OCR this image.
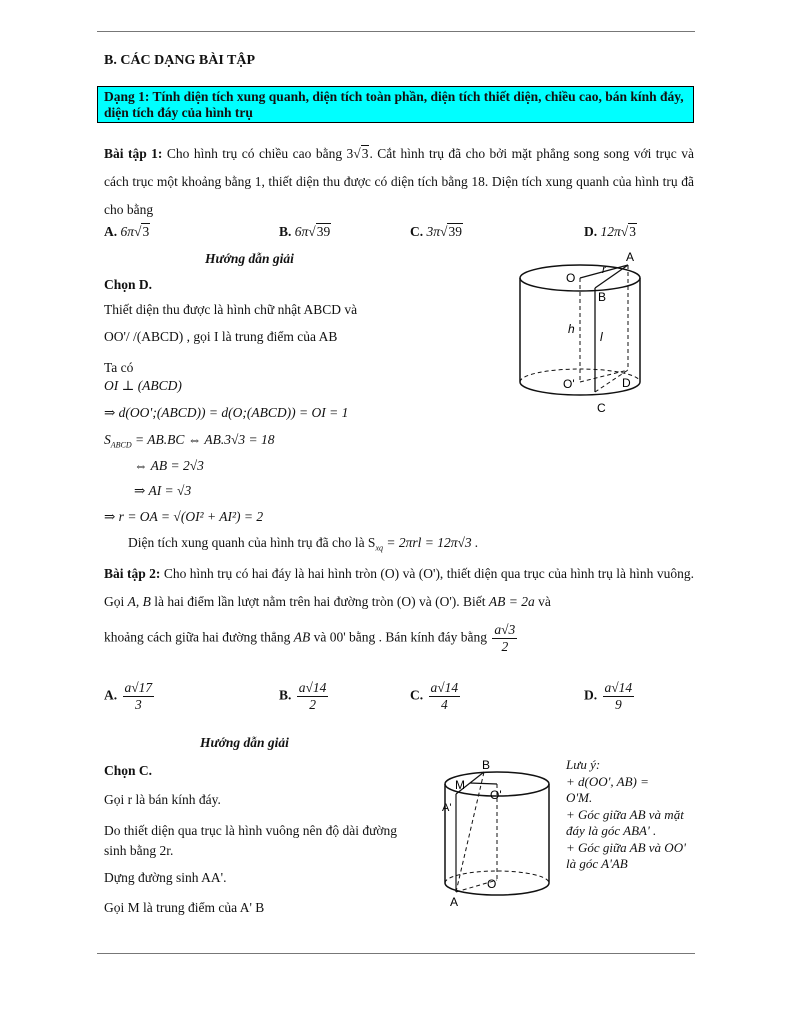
B. CÁC DẠNG BÀI TẬP
Dạng 1: Tính diện tích xung quanh, diện tích toàn phần, diện tích thiết diện, chiều cao, bán kính đáy, diện tích đáy của hình trụ
Bài tập 1: Cho hình trụ có chiều cao bằng 3√3. Cắt hình trụ đã cho bởi mặt phẳng song song với trục và cách trục một khoảng bằng 1, thiết diện thu được có diện tích bằng 18. Diện tích xung quanh của hình trụ đã cho bằng
A. 6π√3	B. 6π√39	C. 3π√39	D. 12π√3
Hướng dẫn giải
Chọn D.
Thiết diện thu được là hình chữ nhật ABCD và
OO'/ /(ABCD) , gọi I là trung điểm của AB
Ta có
OI ⊥ (ABCD)
⇒ d(OO';(ABCD)) = d(O;(ABCD)) = OI = 1
$S_{ABCD} = AB.BC$ ⇔ AB.3√3 = 18
⇔ AB = 2√3
⇒ AI = √3
⇒ r = OA = √(OI² + AI²) = 2
Diện tích xung quanh của hình trụ đã cho là $S_{xq} = 2\pi rl = 12\pi√3$ .
O
r
A
B
h
l
O'	D
C
Bài tập 2: Cho hình trụ có hai đáy là hai hình tròn (O) và (O'), thiết diện qua trục của hình trụ là hình vuông. Gọi A, B là hai điểm lần lượt nằm trên hai đường tròn (O) và (O'). Biết AB = 2a và
khoảng cách giữa hai đường thẳng AB và 00' bằng . Bán kính đáy bằng $\frac{a√3}{2}$
A. $\frac{a√17}{3}$	B. $\frac{a√14}{2}$	C. $\frac{a√14}{4}$	D. $\frac{a√14}{9}$
Hướng dẫn giải
Chọn C.
Gọi r là bán kính đáy.
Do thiết diện qua trục là hình vuông nên độ dài đường sinh bằng 2r.
Dựng đường sinh AA'.
Gọi M là trung điểm của A' B
B
M
O'
A'
O
A
Lưu ý:
+ d(OO', AB) =
O'M.
+ Góc giữa AB và mặt đáy là góc ABA' .
+ Góc giữa AB và OO' là góc A'AB
